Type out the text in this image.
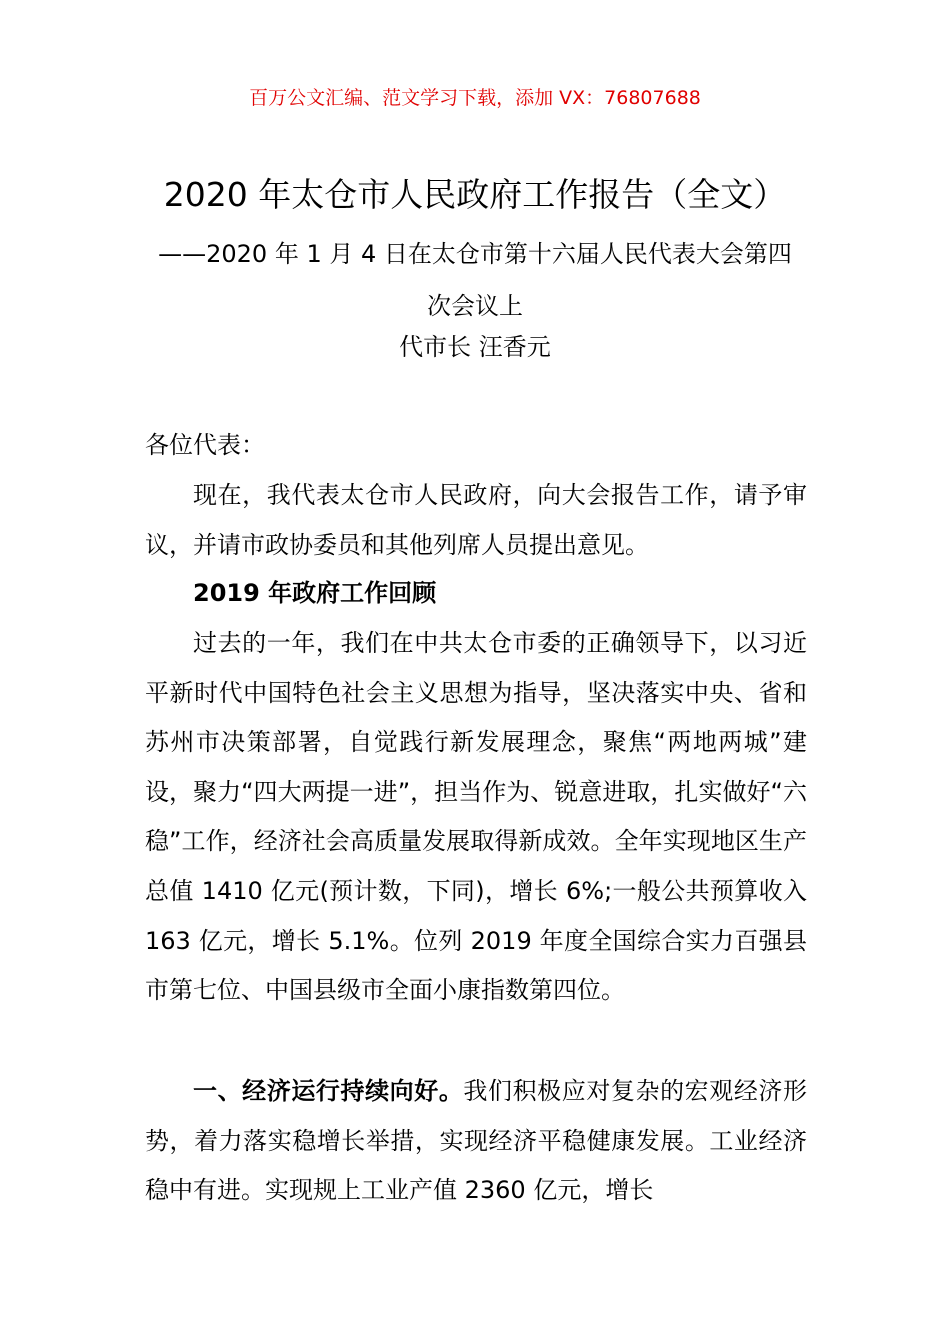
百万公文汇编、范文学习下载，添加 VX：76807688
2020 年太仓市人民政府工作报告（全文）
——2020 年 1 月 4 日在太仓市第十六届人民代表大会第四
次会议上
代市长 汪香元

各位代表：

现在，我代表太仓市人民政府，向大会报告工作，请予审议，并请市政协委员和其他列席人员提出意见。

2019 年政府工作回顾

过去的一年，我们在中共太仓市委的正确领导下，以习近平新时代中国特色社会主义思想为指导，坚决落实中央、省和苏州市决策部署，自觉践行新发展理念，聚焦“两地两城”建设，聚力“四大两提一进”，担当作为、锐意进取，扎实做好“六稳”工作，经济社会高质量发展取得新成效。全年实现地区生产总值 1410 亿元(预计数，下同)，增长 6%;一般公共预算收入 163 亿元，增长 5.1%。位列 2019 年度全国综合实力百强县市第七位、中国县级市全面小康指数第四位。

一、经济运行持续向好。我们积极应对复杂的宏观经济形势，着力落实稳增长举措，实现经济平稳健康发展。工业经济稳中有进。实现规上工业产值 2360 亿元，增长
